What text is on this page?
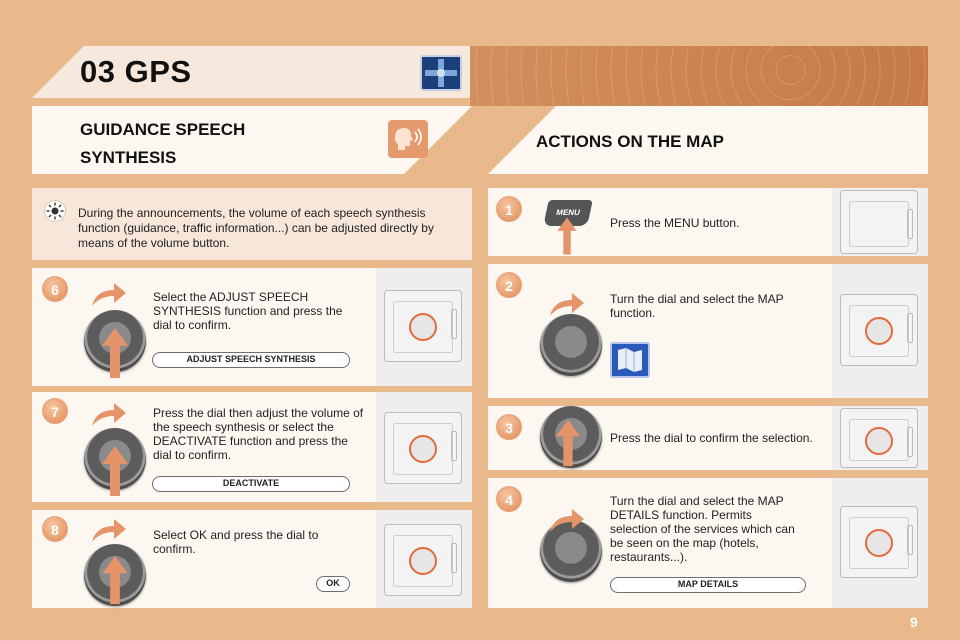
03 GPS
GUIDANCE SPEECH SYNTHESIS
ACTIONS ON THE MAP
During the announcements, the volume of each speech synthesis function (guidance, traffic information...) can be adjusted directly by means of the volume button.
6	Select the ADJUST SPEECH SYNTHESIS function and press the dial to confirm.
ADJUST SPEECH SYNTHESIS
7	Press the dial then adjust the volume of the speech synthesis or select the DEACTIVATE function and press the dial to confirm.
DEACTIVATE
8	Select OK and press the dial to confirm.
OK
1	MENU
Press the MENU button.
2
Turn the dial and select the MAP function.
3
Press the dial to confirm the selection.
4	Turn the dial and select the MAP DETAILS function. Permits selection of the services which can be seen on the map (hotels, restaurants...).
MAP DETAILS
9
